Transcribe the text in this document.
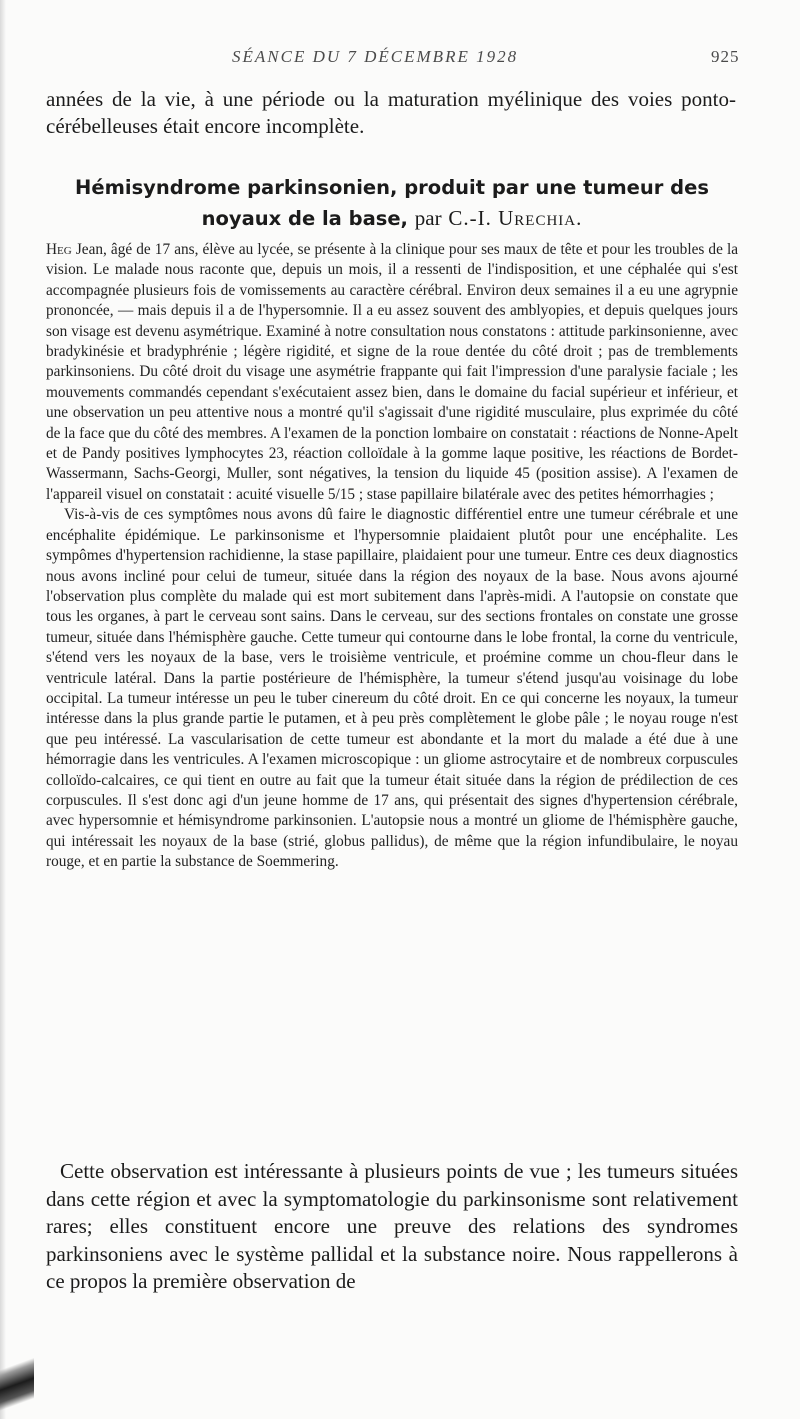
SÉANCE DU 7 DÉCEMBRE 1928	925

années de la vie, à une période ou la maturation myélinique des voies ponto-cérébelleuses était encore incomplète.

Hémisyndrome parkinsonien, produit par une tumeur des noyaux de la base, par C.-I. Urechia.

Heg Jean, âgé de 17 ans, élève au lycée, se présente à la clinique pour ses maux de tête et pour les troubles de la vision. Le malade nous raconte que, depuis un mois, il a ressenti de l'indisposition, et une céphalée qui s'est accompagnée plusieurs fois de vomissements au caractère cérébral. Environ deux semaines il a eu une agrypnie prononcée, — mais depuis il a de l'hypersomnie. Il a eu assez souvent des amblyopies, et depuis quelques jours son visage est devenu asymétrique. Examiné à notre consultation nous constatons : attitude parkinsonienne, avec bradykinésie et bradyphrénie ; légère rigidité, et signe de la roue dentée du côté droit ; pas de tremblements parkinsoniens. Du côté droit du visage une asymétrie frappante qui fait l'impression d'une paralysie faciale ; les mouvements commandés cependant s'exécutaient assez bien, dans le domaine du facial supérieur et inférieur, et une observation un peu attentive nous a montré qu'il s'agissait d'une rigidité musculaire, plus exprimée du côté de la face que du côté des membres. A l'examen de la ponction lombaire on constatait : réactions de Nonne-Apelt et de Pandy positives lymphocytes 23, réaction colloïdale à la gomme laque positive, les réactions de Bordet-Wassermann, Sachs-Georgi, Muller, sont négatives, la tension du liquide 45 (position assise). A l'examen de l'appareil visuel on constatait : acuité visuelle 5/15 ; stase papillaire bilatérale avec des petites hémorrhagies ;

Vis-à-vis de ces symptômes nous avons dû faire le diagnostic différentiel entre une tumeur cérébrale et une encéphalite épidémique. Le parkinsonisme et l'hypersomnie plaidaient plutôt pour une encéphalite. Les sympômes d'hypertension rachidienne, la stase papillaire, plaidaient pour une tumeur. Entre ces deux diagnostics nous avons incliné pour celui de tumeur, située dans la région des noyaux de la base. Nous avons ajourné l'observation plus complète du malade qui est mort subitement dans l'après-midi. A l'autopsie on constate que tous les organes, à part le cerveau sont sains. Dans le cerveau, sur des sections frontales on constate une grosse tumeur, située dans l'hémisphère gauche. Cette tumeur qui contourne dans le lobe frontal, la corne du ventricule, s'étend vers les noyaux de la base, vers le troisième ventricule, et proémine comme un chou-fleur dans le ventricule latéral. Dans la partie postérieure de l'hémisphère, la tumeur s'étend jusqu'au voisinage du lobe occipital. La tumeur intéresse un peu le tuber cinereum du côté droit. En ce qui concerne les noyaux, la tumeur intéresse dans la plus grande partie le putamen, et à peu près complètement le globe pâle ; le noyau rouge n'est que peu intéressé. La vascularisation de cette tumeur est abondante et la mort du malade a été due à une hémorragie dans les ventricules. A l'examen microscopique : un gliome astrocytaire et de nombreux corpuscules colloïdo-calcaires, ce qui tient en outre au fait que la tumeur était située dans la région de prédilection de ces corpuscules. Il s'est donc agi d'un jeune homme de 17 ans, qui présentait des signes d'hypertension cérébrale, avec hypersomnie et hémisyndrome parkinsonien. L'autopsie nous a montré un gliome de l'hémisphère gauche, qui intéressait les noyaux de la base (strié, globus pallidus), de même que la région infundibulaire, le noyau rouge, et en partie la substance de Soemmering.

Cette observation est intéressante à plusieurs points de vue ; les tumeurs situées dans cette région et avec la symptomatologie du parkinsonisme sont relativement rares; elles constituent encore une preuve des relations des syndromes parkinsoniens avec le système pallidal et la substance noire. Nous rappellerons à ce propos la première observation de
